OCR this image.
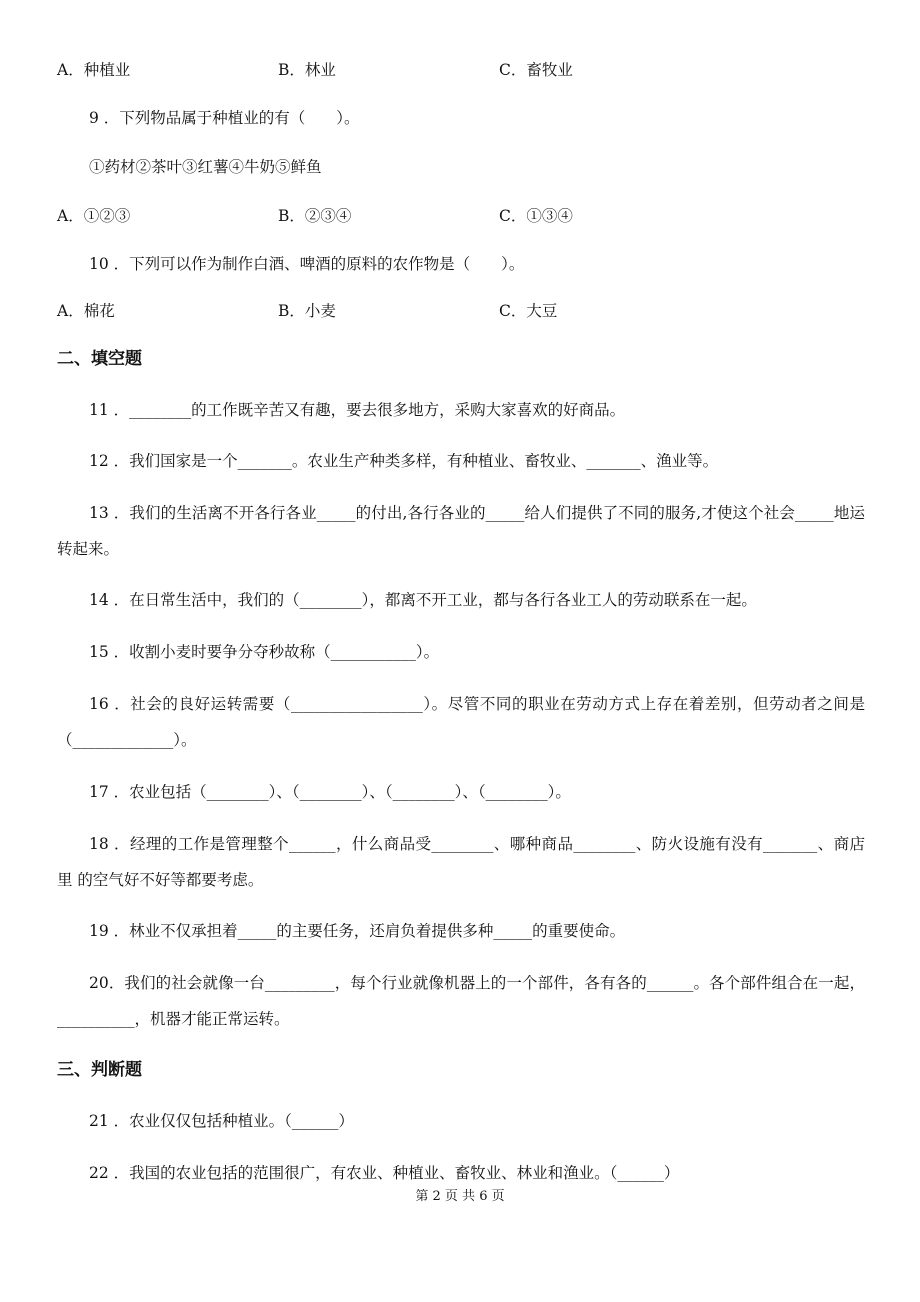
A．种植业	B．林业	C．畜牧业
9 ．下列物品属于种植业的有（　　）。
①药材②茶叶③红薯④牛奶⑤鲜鱼
A．①②③	B．②③④	C．①③④
10 ．下列可以作为制作白酒、啤酒的原料的农作物是（　　）。
A．棉花	B．小麦	C．大豆
二、填空题
11 ．________的工作既辛苦又有趣，要去很多地方，采购大家喜欢的好商品。
12 ．我们国家是一个_______。农业生产种类多样，有种植业、畜牧业、_______、渔业等。
13 ．我们的生活离不开各行各业_____的付出,各行各业的_____给人们提供了不同的服务,才使这个社会_____地运转起来。
14 ．在日常生活中，我们的（________），都离不开工业，都与各行各业工人的劳动联系在一起。
15 ．收割小麦时要争分夺秒故称（___________）。
16 ．社会的良好运转需要（_________________）。尽管不同的职业在劳动方式上存在着差别，但劳动者之间是（_____________）。
17 ．农业包括（________）、（________）、（________）、（________）。
18 ．经理的工作是管理整个______，什么商品受________、哪种商品________、防火设施有没有_______、商店里 的空气好不好等都要考虑。
19 ．林业不仅承担着_____的主要任务，还肩负着提供多种_____的重要使命。
20．我们的社会就像一台_________，每个行业就像机器上的一个部件，各有各的______。各个部件组合在一起，__________，机器才能正常运转。
三、判断题
21 ．农业仅仅包括种植业。（______）
22 ．我国的农业包括的范围很广，有农业、种植业、畜牧业、林业和渔业。（______）
第 2 页 共 6 页
